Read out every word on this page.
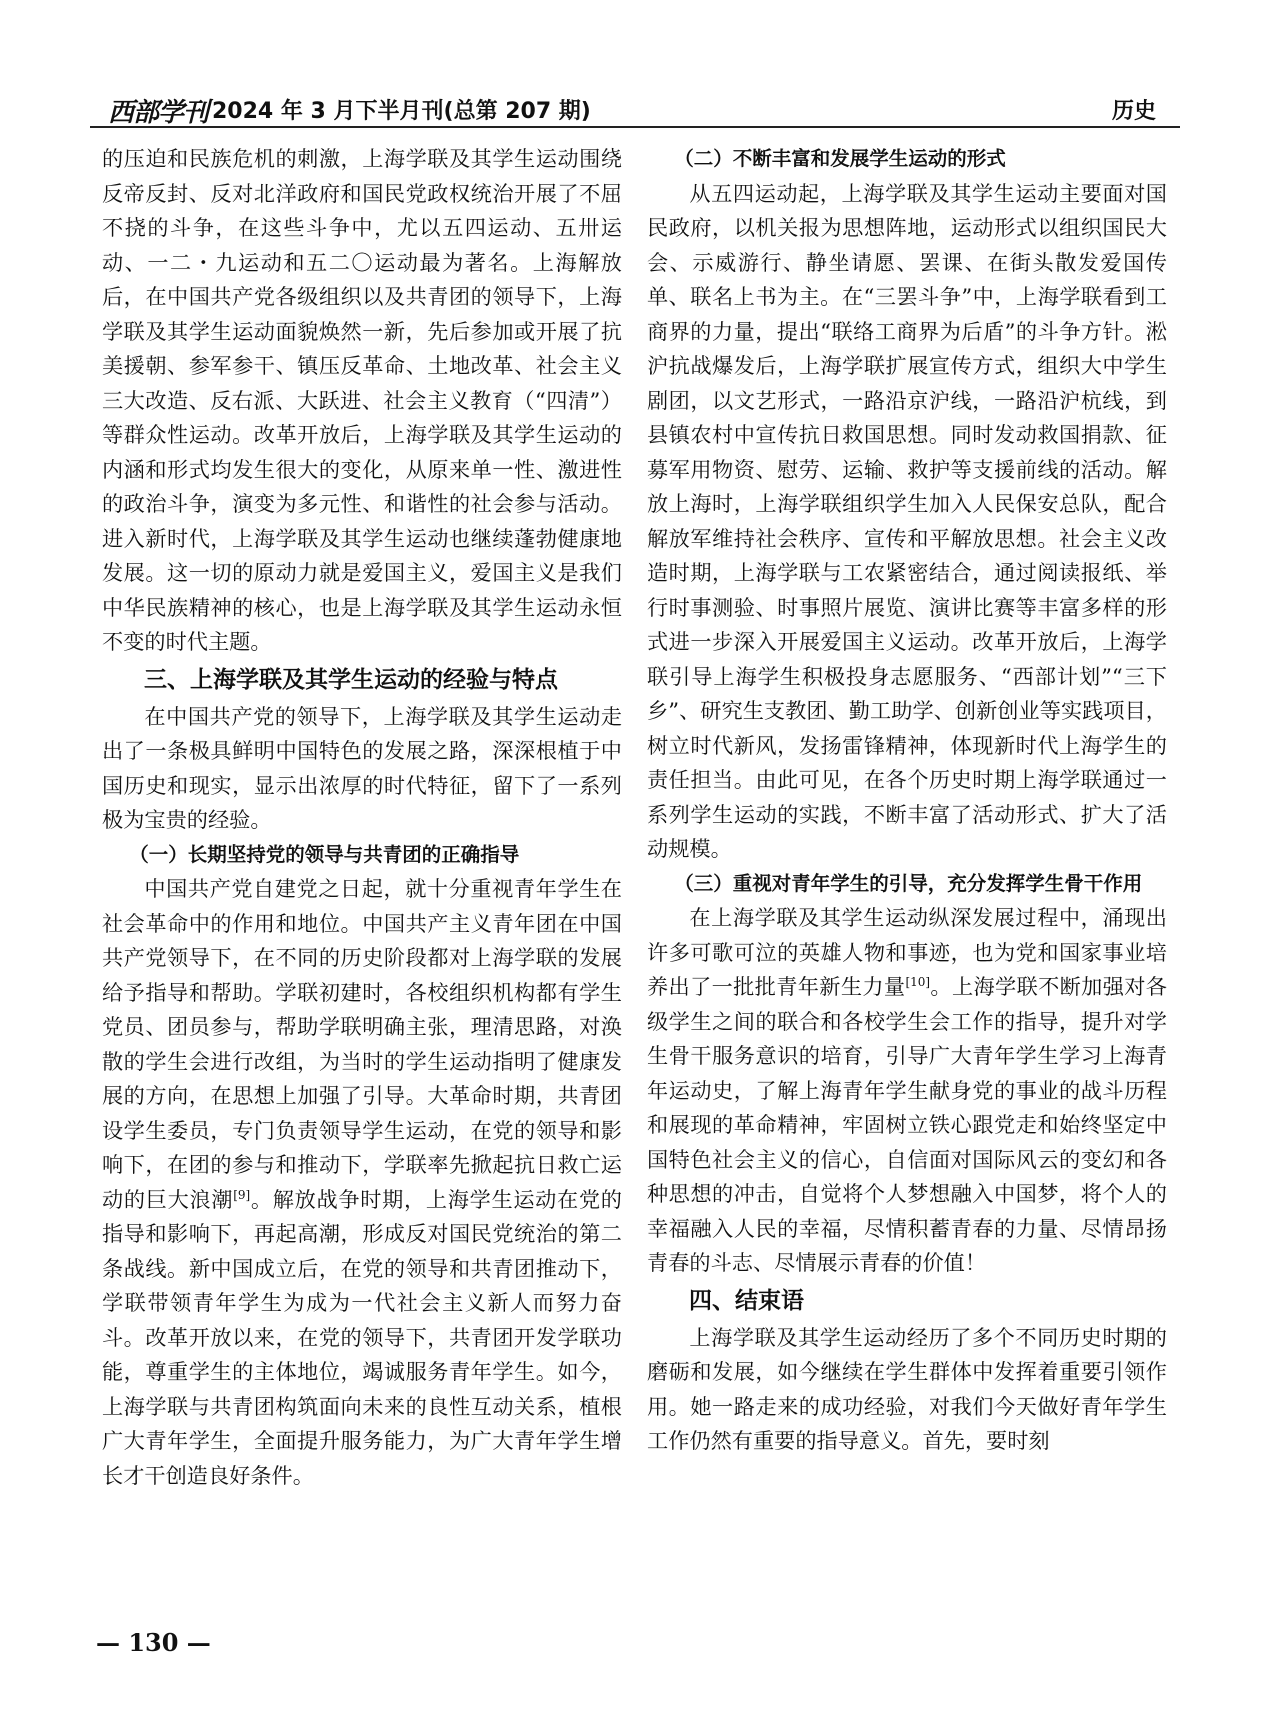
西部学刊 2024 年 3 月下半月刊(总第 207 期)	历史

的压迫和民族危机的刺激，上海学联及其学生运动围绕反帝反封、反对北洋政府和国民党政权统治开展了不屈不挠的斗争，在这些斗争中，尤以五四运动、五卅运动、一二・九运动和五二〇运动最为著名。上海解放后，在中国共产党各级组织以及共青团的领导下，上海学联及其学生运动面貌焕然一新，先后参加或开展了抗美援朝、参军参干、镇压反革命、土地改革、社会主义三大改造、反右派、大跃进、社会主义教育（“四清”）等群众性运动。改革开放后，上海学联及其学生运动的内涵和形式均发生很大的变化，从原来单一性、激进性的政治斗争，演变为多元性、和谐性的社会参与活动。进入新时代，上海学联及其学生运动也继续蓬勃健康地发展。这一切的原动力就是爱国主义，爱国主义是我们中华民族精神的核心，也是上海学联及其学生运动永恒不变的时代主题。

三、上海学联及其学生运动的经验与特点

在中国共产党的领导下，上海学联及其学生运动走出了一条极具鲜明中国特色的发展之路，深深根植于中国历史和现实，显示出浓厚的时代特征，留下了一系列极为宝贵的经验。

（一）长期坚持党的领导与共青团的正确指导

中国共产党自建党之日起，就十分重视青年学生在社会革命中的作用和地位。中国共产主义青年团在中国共产党领导下，在不同的历史阶段都对上海学联的发展给予指导和帮助。学联初建时，各校组织机构都有学生党员、团员参与，帮助学联明确主张，理清思路，对涣散的学生会进行改组，为当时的学生运动指明了健康发展的方向，在思想上加强了引导。大革命时期，共青团设学生委员，专门负责领导学生运动，在党的领导和影响下，在团的参与和推动下，学联率先掀起抗日救亡运动的巨大浪潮[9]。解放战争时期，上海学生运动在党的指导和影响下，再起高潮，形成反对国民党统治的第二条战线。新中国成立后，在党的领导和共青团推动下，学联带领青年学生为成为一代社会主义新人而努力奋斗。改革开放以来，在党的领导下，共青团开发学联功能，尊重学生的主体地位，竭诚服务青年学生。如今，上海学联与共青团构筑面向未来的良性互动关系，植根广大青年学生，全面提升服务能力，为广大青年学生增长才干创造良好条件。

（二）不断丰富和发展学生运动的形式

从五四运动起，上海学联及其学生运动主要面对国民政府，以机关报为思想阵地，运动形式以组织国民大会、示威游行、静坐请愿、罢课、在街头散发爱国传单、联名上书为主。在“三罢斗争”中，上海学联看到工商界的力量，提出“联络工商界为后盾”的斗争方针。淞沪抗战爆发后，上海学联扩展宣传方式，组织大中学生剧团，以文艺形式，一路沿京沪线，一路沿沪杭线，到县镇农村中宣传抗日救国思想。同时发动救国捐款、征募军用物资、慰劳、运输、救护等支援前线的活动。解放上海时，上海学联组织学生加入人民保安总队，配合解放军维持社会秩序、宣传和平解放思想。社会主义改造时期，上海学联与工农紧密结合，通过阅读报纸、举行时事测验、时事照片展览、演讲比赛等丰富多样的形式进一步深入开展爱国主义运动。改革开放后，上海学联引导上海学生积极投身志愿服务、“西部计划”“三下乡”、研究生支教团、勤工助学、创新创业等实践项目，树立时代新风，发扬雷锋精神，体现新时代上海学生的责任担当。由此可见，在各个历史时期上海学联通过一系列学生运动的实践，不断丰富了活动形式、扩大了活动规模。

（三）重视对青年学生的引导，充分发挥学生骨干作用

在上海学联及其学生运动纵深发展过程中，涌现出许多可歌可泣的英雄人物和事迹，也为党和国家事业培养出了一批批青年新生力量[10]。上海学联不断加强对各级学生之间的联合和各校学生会工作的指导，提升对学生骨干服务意识的培育，引导广大青年学生学习上海青年运动史，了解上海青年学生献身党的事业的战斗历程和展现的革命精神，牢固树立铁心跟党走和始终坚定中国特色社会主义的信心，自信面对国际风云的变幻和各种思想的冲击，自觉将个人梦想融入中国梦，将个人的幸福融入人民的幸福，尽情积蓄青春的力量、尽情昂扬青春的斗志、尽情展示青春的价值！

四、结束语

上海学联及其学生运动经历了多个不同历史时期的磨砺和发展，如今继续在学生群体中发挥着重要引领作用。她一路走来的成功经验，对我们今天做好青年学生工作仍然有重要的指导意义。首先，要时刻

— 130 —
